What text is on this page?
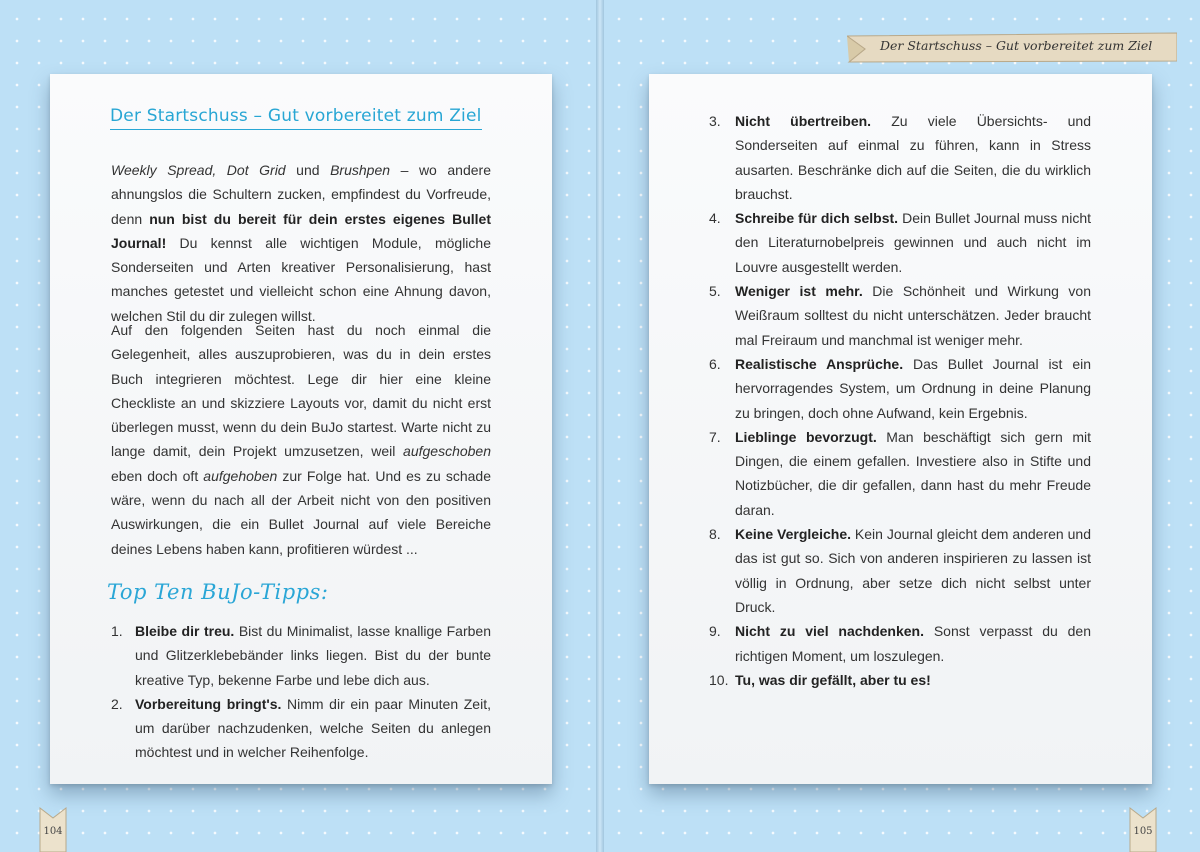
Der Startschuss – Gut vorbereitet zum Ziel
Der Startschuss – Gut vorbereitet zum Ziel

Weekly Spread, Dot Grid und Brushpen – wo andere ahnungslos die Schultern zucken, empfindest du Vorfreude, denn nun bist du bereit für dein erstes eigenes Bullet Journal! Du kennst alle wichtigen Module, mögliche Sonderseiten und Arten kreativer Personalisierung, hast manches getestet und vielleicht schon eine Ahnung davon, welchen Stil du dir zulegen willst.

Auf den folgenden Seiten hast du noch einmal die Gelegenheit, alles auszuprobieren, was du in dein erstes Buch integrieren möchtest. Lege dir hier eine kleine Checkliste an und skizziere Layouts vor, damit du nicht erst überlegen musst, wenn du dein BuJo startest. Warte nicht zu lange damit, dein Projekt umzusetzen, weil aufgeschoben eben doch oft aufgehoben zur Folge hat. Und es zu schade wäre, wenn du nach all der Arbeit nicht von den positiven Auswirkungen, die ein Bullet Journal auf viele Bereiche deines Lebens haben kann, profitieren würdest ...

Top Ten BuJo-Tipps:
1. Bleibe dir treu. Bist du Minimalist, lasse knallige Farben und Glitzerklebebänder links liegen. Bist du der bunte kreative Typ, bekenne Farbe und lebe dich aus.
2. Vorbereitung bringt's. Nimm dir ein paar Minuten Zeit, um darüber nachzudenken, welche Seiten du anlegen möchtest und in welcher Reihenfolge.
3. Nicht übertreiben. Zu viele Übersichts- und Sonderseiten auf einmal zu führen, kann in Stress ausarten. Beschränke dich auf die Seiten, die du wirklich brauchst.
4. Schreibe für dich selbst. Dein Bullet Journal muss nicht den Literaturnobelpreis gewinnen und auch nicht im Louvre ausgestellt werden.
5. Weniger ist mehr. Die Schönheit und Wirkung von Weißraum solltest du nicht unterschätzen. Jeder braucht mal Freiraum und manchmal ist weniger mehr.
6. Realistische Ansprüche. Das Bullet Journal ist ein hervorragendes System, um Ordnung in deine Planung zu bringen, doch ohne Aufwand, kein Ergebnis.
7. Lieblinge bevorzugt. Man beschäftigt sich gern mit Dingen, die einem gefallen. Investiere also in Stifte und Notizbücher, die dir gefallen, dann hast du mehr Freude daran.
8. Keine Vergleiche. Kein Journal gleicht dem anderen und das ist gut so. Sich von anderen inspirieren zu lassen ist völlig in Ordnung, aber setze dich nicht selbst unter Druck.
9. Nicht zu viel nachdenken. Sonst verpasst du den richtigen Moment, um loszulegen.
10. Tu, was dir gefällt, aber tu es!
104	105
